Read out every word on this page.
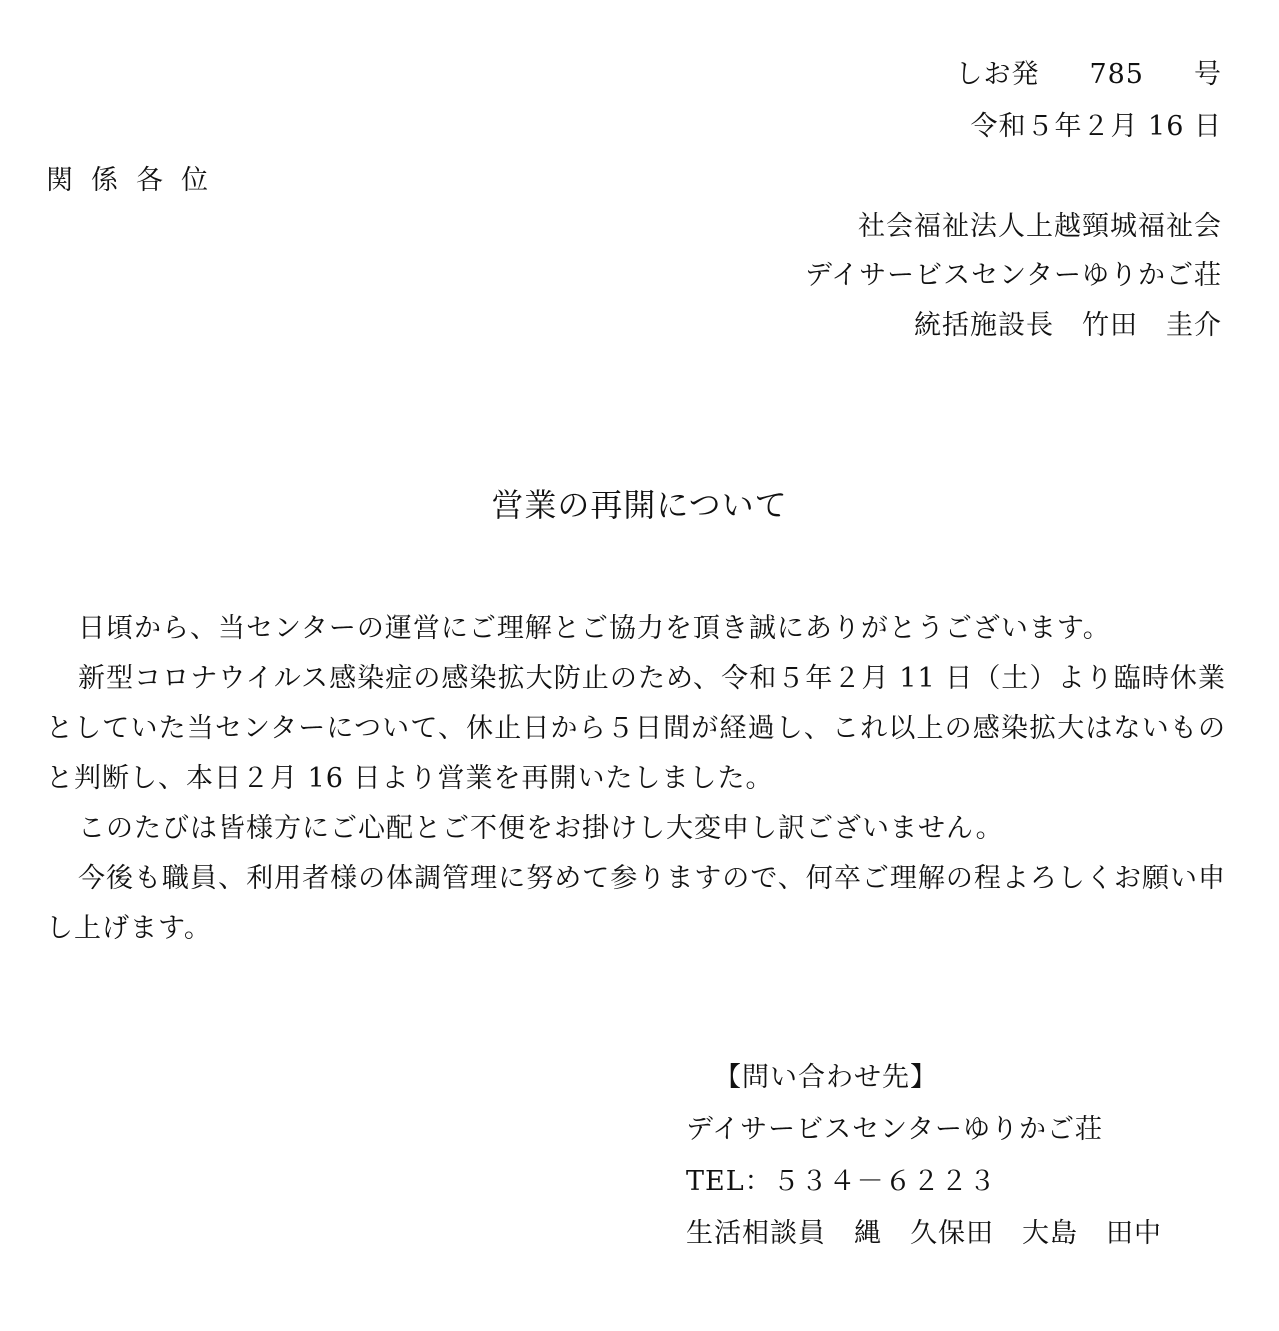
しお発 785 号
令和５年２月 16 日
関係各位
社会福祉法人上越頸城福祉会
デイサービスセンターゆりかご荘
統括施設長　竹田　圭介
営業の再開について

日頃から、当センターの運営にご理解とご協力を頂き誠にありがとうございます。

新型コロナウイルス感染症の感染拡大防止のため、令和５年２月 11 日（土）より臨時休業としていた当センターについて、休止日から５日間が経過し、これ以上の感染拡大はないものと判断し、本日２月 16 日より営業を再開いたしました。

このたびは皆様方にご心配とご不便をお掛けし大変申し訳ございません。

今後も職員、利用者様の体調管理に努めて参りますので、何卒ご理解の程よろしくお願い申し上げます。

【問い合わせ先】
デイサービスセンターゆりかご荘
TEL：５３４－６２２３
生活相談員　縄　久保田　大島　田中
